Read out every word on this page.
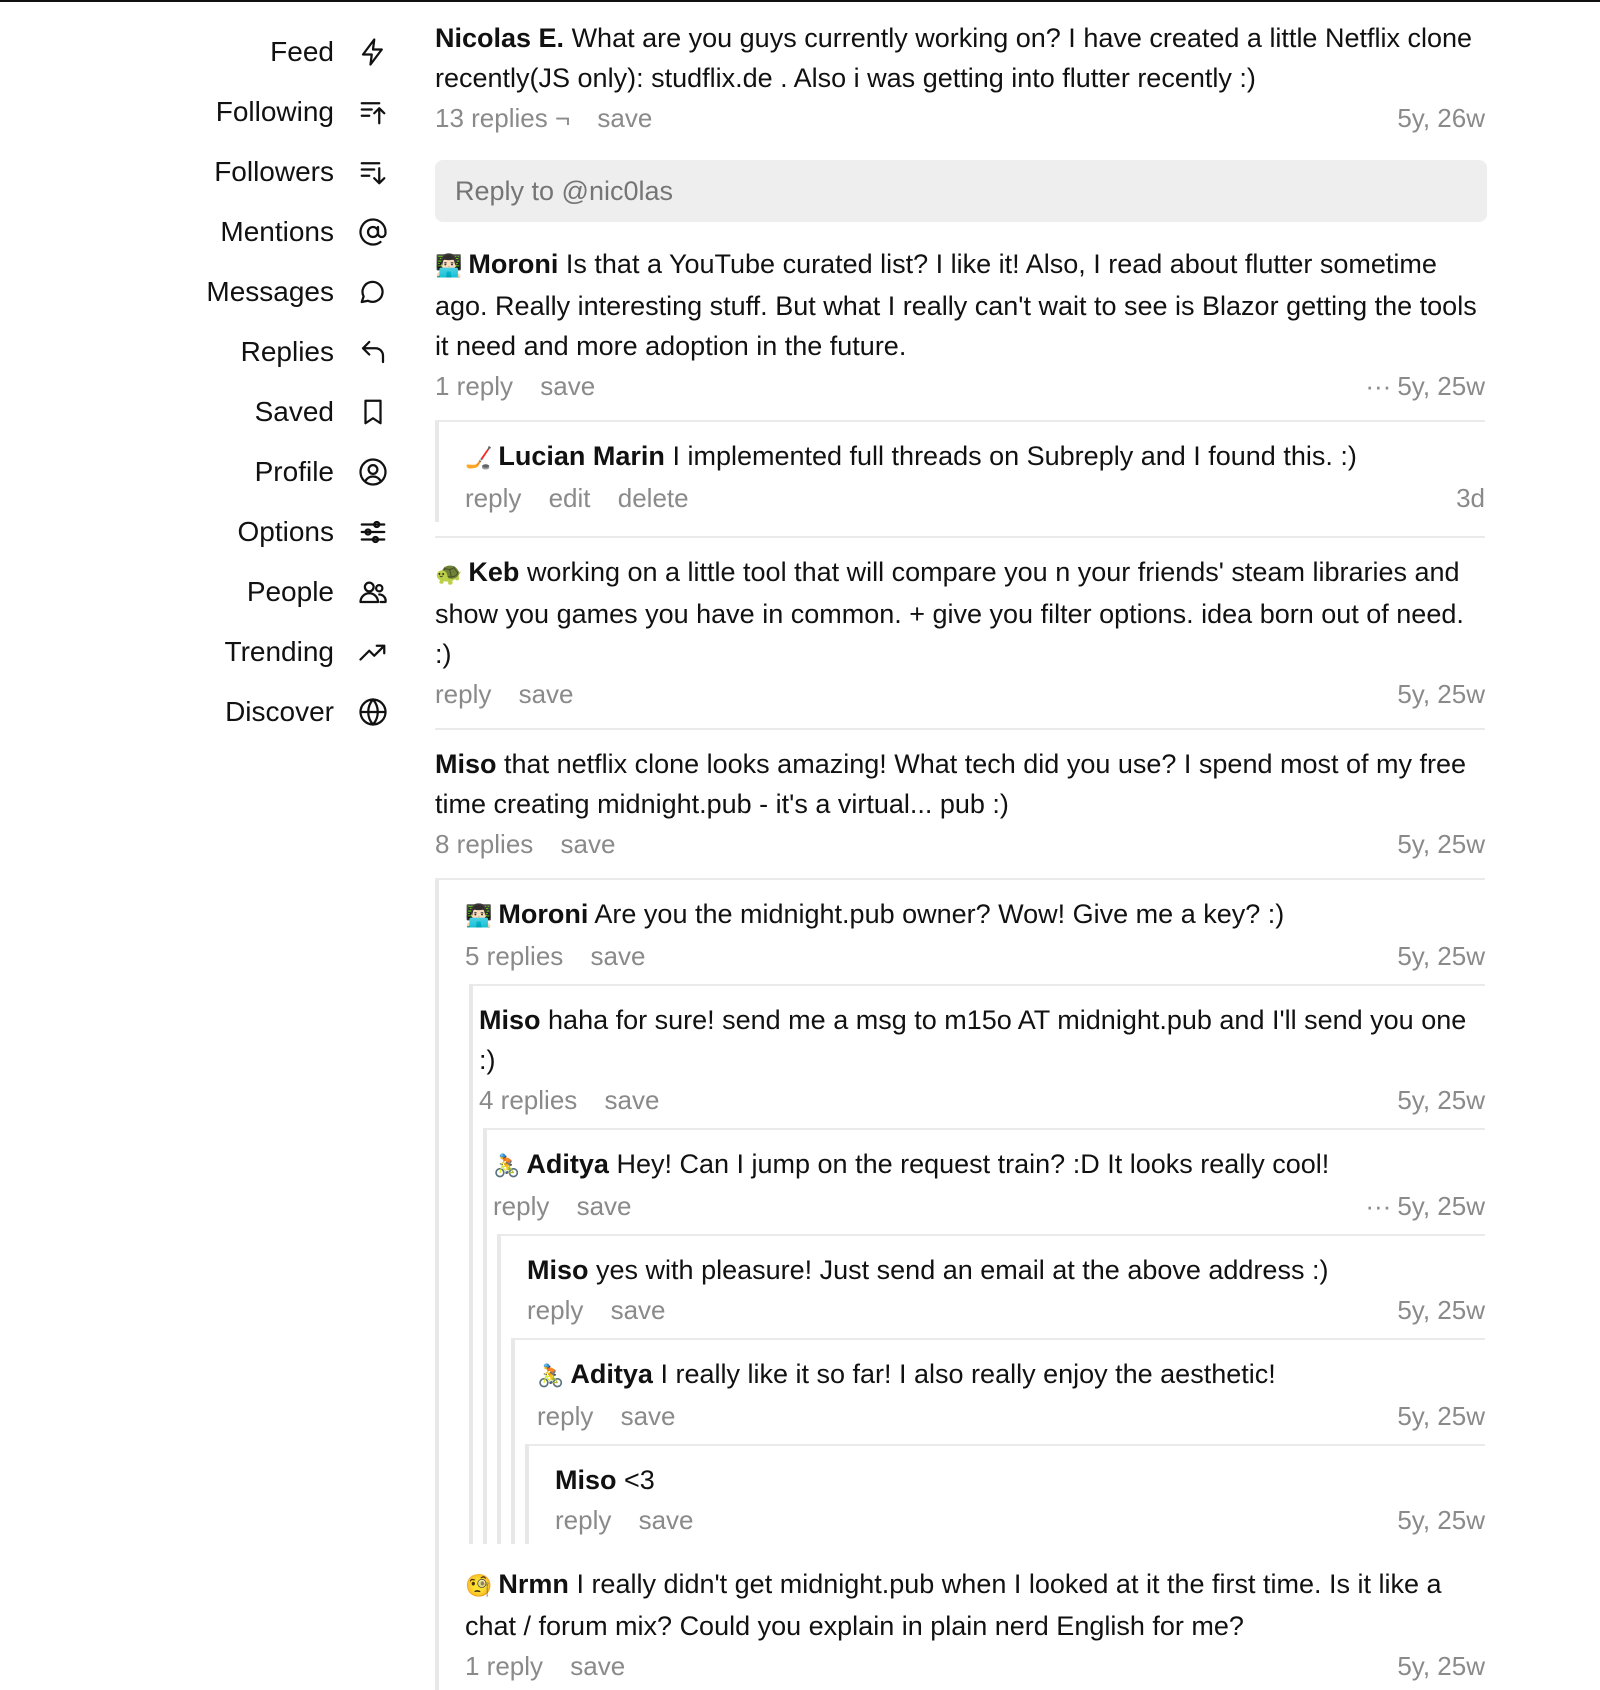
Feed
Following
Followers
Mentions
Messages
Replies
Saved
Profile
Options
People
Trending
Discover
Nicolas E. What are you guys currently working on? I have created a little Netflix clone recently(JS only): studflix.de . Also i was getting into flutter recently :)
13 replies ¬ save	5y, 26w
Reply to @nic0las
👨🏻‍💻 Moroni Is that a YouTube curated list? I like it! Also, I read about flutter sometime ago. Really interesting stuff. But what I really can't wait to see is Blazor getting the tools it need and more adoption in the future.
1 reply save	··· 5y, 25w
🏒 Lucian Marin I implemented full threads on Subreply and I found this. :)
reply edit delete	3d
🐢 Keb working on a little tool that will compare you n your friends' steam libraries and show you games you have in common. + give you filter options. idea born out of need. :)
reply save	5y, 25w
Miso that netflix clone looks amazing! What tech did you use? I spend most of my free time creating midnight.pub - it's a virtual... pub :)
8 replies save	5y, 25w
👨🏻‍💻 Moroni Are you the midnight.pub owner? Wow! Give me a key? :)
5 replies save	5y, 25w
Miso haha for sure! send me a msg to m15o AT midnight.pub and I'll send you one :)
4 replies save	5y, 25w
🚴 Aditya Hey! Can I jump on the request train? :D It looks really cool!
reply save	··· 5y, 25w
Miso yes with pleasure! Just send an email at the above address :)
reply save	5y, 25w
🚴 Aditya I really like it so far! I also really enjoy the aesthetic!
reply save	5y, 25w
Miso <3
reply save	5y, 25w
🧐 Nrmn I really didn't get midnight.pub when I looked at it the first time. Is it like a chat / forum mix? Could you explain in plain nerd English for me?
1 reply save	5y, 25w
